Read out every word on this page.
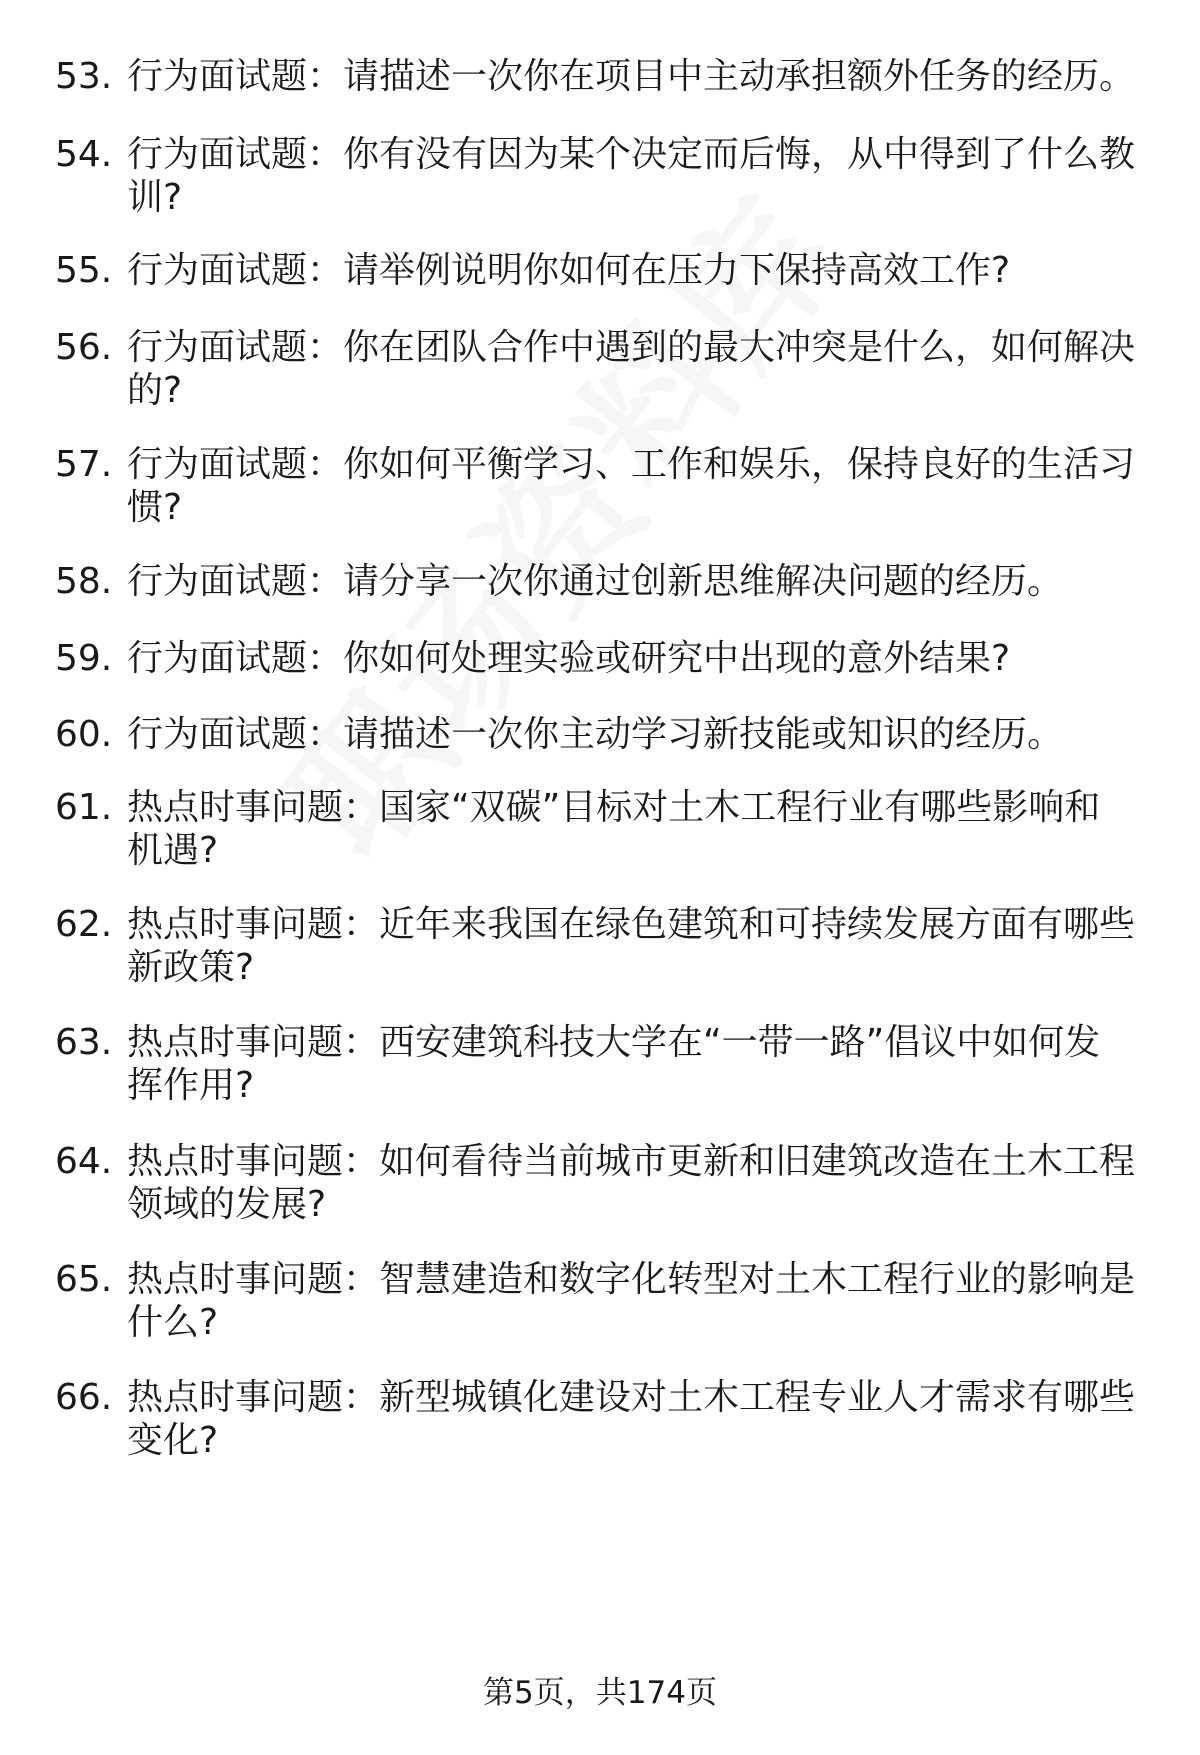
53. 行为面试题：请描述一次你在项目中主动承担额外任务的经历。
54. 行为面试题：你有没有因为某个决定而后悔，从中得到了什么教
训?
55. 行为面试题：请举例说明你如何在压力下保持高效工作?
56. 行为面试题：你在团队合作中遇到的最大冲突是什么，如何解决
的?
57. 行为面试题：你如何平衡学习、工作和娱乐，保持良好的生活习
惯?
58. 行为面试题：请分享一次你通过创新思维解决问题的经历。
59. 行为面试题：你如何处理实验或研究中出现的意外结果?
60. 行为面试题：请描述一次你主动学习新技能或知识的经历。
61. 热点时事问题：国家“双碳”目标对土木工程行业有哪些影响和
机遇?
62. 热点时事问题：近年来我国在绿色建筑和可持续发展方面有哪些
新政策?
63. 热点时事问题：西安建筑科技大学在“一带一路”倡议中如何发
挥作用?
64. 热点时事问题：如何看待当前城市更新和旧建筑改造在土木工程
领域的发展?
65. 热点时事问题：智慧建造和数字化转型对土木工程行业的影响是
什么?
66. 热点时事问题：新型城镇化建设对土木工程专业人才需求有哪些
变化?
第5页，共174页
